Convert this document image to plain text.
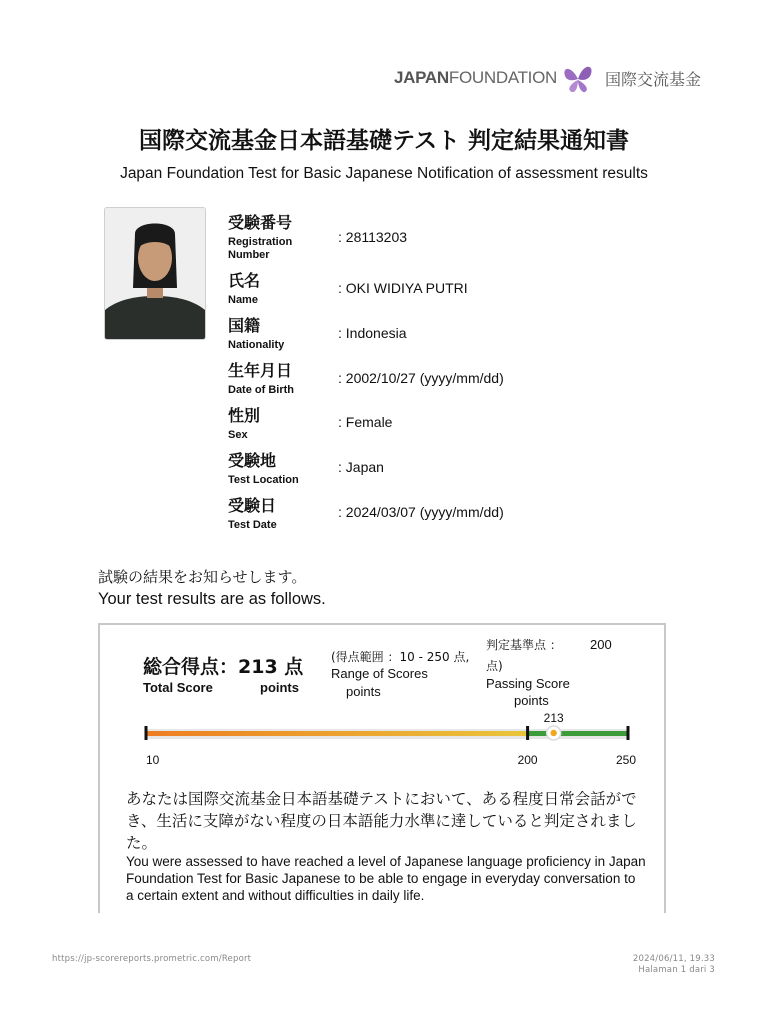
JAPAN FOUNDATION	国際交流基金
国際交流基金日本語基礎テスト 判定結果通知書
Japan Foundation Test for Basic Japanese Notification of assessment results
受験番号
Registration Number
: 28113203
氏名
Name
: OKI WIDIYA PUTRI
国籍
Nationality
: Indonesia
生年月日
Date of Birth
: 2002/10/27 (yyyy/mm/dd)
性別
Sex
: Female
受験地
Test Location
: Japan
受験日
Test Date
: 2024/03/07 (yyyy/mm/dd)
試験の結果をお知らせします。
Your test results are as follows.
総合得点：213 点
Total Score	points
(得点範囲 ：10 - 250 点,
Range of Scores
points
判定基準点 ： 200
点)
Passing Score
points
213
10	200	250
あなたは国際交流基金日本語基礎テストにおいて、ある程度日常会話ができ、生活に支障がない程度の日本語能力水準に達していると判定されました。
You were assessed to have reached a level of Japanese language proficiency in Japan Foundation Test for Basic Japanese to be able to engage in everyday conversation to a certain extent and without difficulties in daily life.
https://jp-scorereports.prometric.com/Report	2024/06/11, 19.33
Halaman 1 dari 3
